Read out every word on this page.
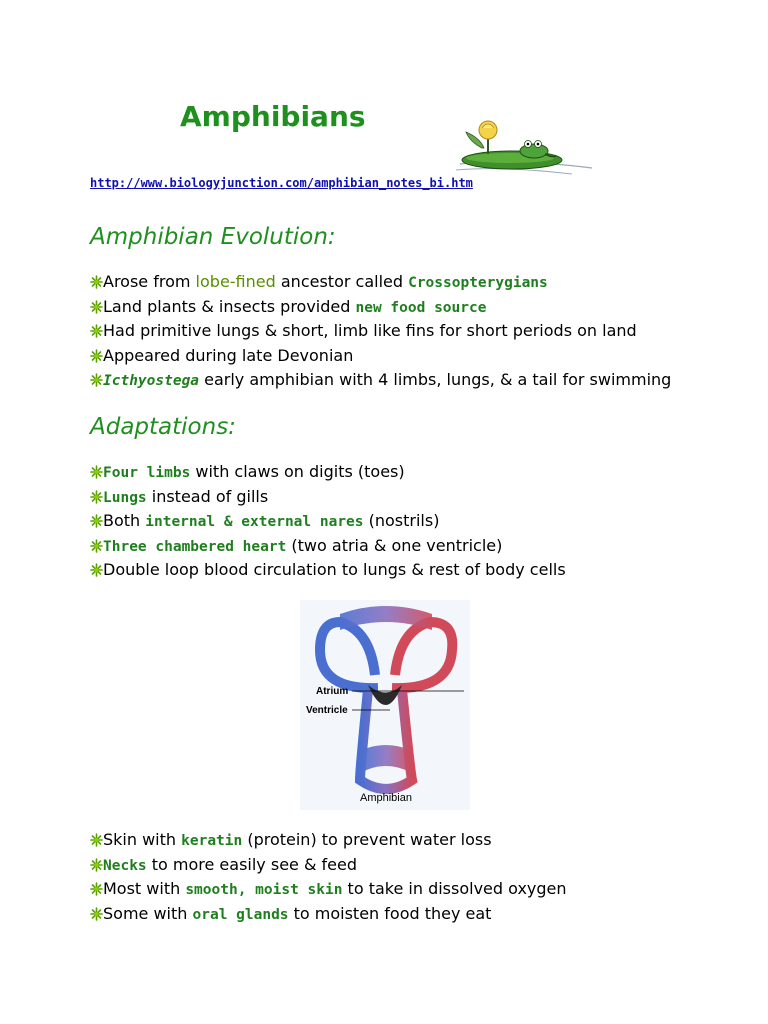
Amphibians
http://www.biologyjunction.com/amphibian_notes_bi.htm
Amphibian Evolution:
Arose from lobe-fined ancestor called Crossopterygians
Land plants & insects provided new food source
Had primitive lungs & short, limb like fins for short periods on land
Appeared during late Devonian
Icthyostega early amphibian with 4 limbs, lungs, & a tail for swimming
Adaptations:
Four limbs with claws on digits (toes)
Lungs instead of gills
Both internal & external nares (nostrils)
Three chambered heart (two atria & one ventricle)
Double loop blood circulation to lungs & rest of body cells
Atrium
Ventricle
Amphibian
Skin with keratin (protein) to prevent water loss
Necks to more easily see & feed
Most with smooth, moist skin to take in dissolved oxygen
Some with oral glands to moisten food they eat
